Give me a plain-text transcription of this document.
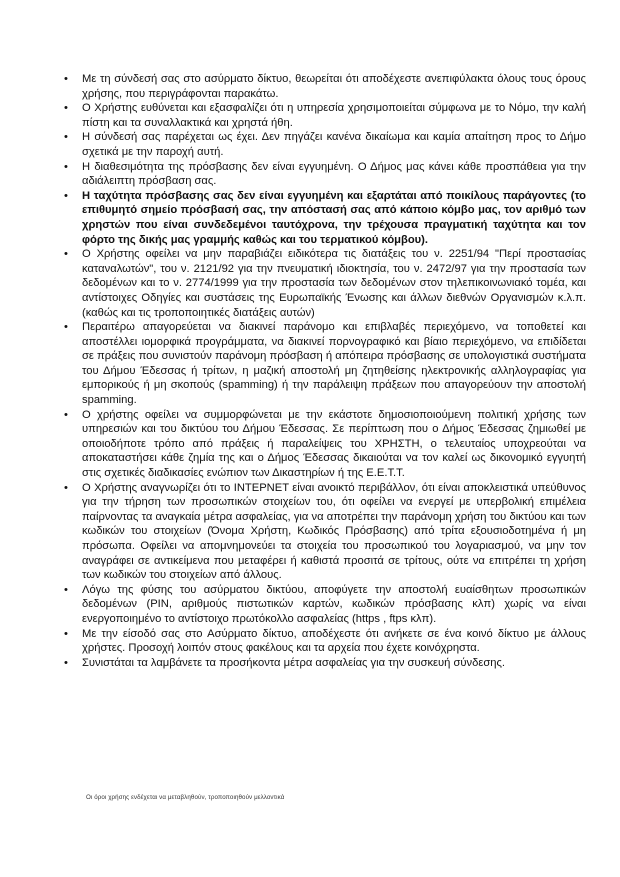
•	Με τη σύνδεσή σας στο ασύρματο δίκτυο, θεωρείται ότι αποδέχεστε ανεπιφύλακτα όλους τους όρους χρήσης, που περιγράφονται παρακάτω.
•	Ο Χρήστης ευθύνεται και εξασφαλίζει ότι η υπηρεσία χρησιμοποιείται σύμφωνα με το Νόμο, την καλή πίστη και τα συναλλακτικά και χρηστά ήθη.
•	Η σύνδεσή σας παρέχεται ως έχει. Δεν πηγάζει κανένα δικαίωμα και καμία απαίτηση προς το Δήμο σχετικά με την παροχή αυτή.
•	Η διαθεσιμότητα της πρόσβασης δεν είναι εγγυημένη. Ο Δήμος μας κάνει κάθε προσπάθεια για την αδιάλειπτη πρόσβαση σας.
•	Η ταχύτητα πρόσβασης σας δεν είναι εγγυημένη και εξαρτάται από ποικίλους παράγοντες (το επιθυμητό σημείο πρόσβασή σας, την απόστασή σας από κάποιο κόμβο μας, τον αριθμό των χρηστών που είναι συνδεδεμένοι ταυτόχρονα, την τρέχουσα πραγματική ταχύτητα και τον φόρτο της δικής μας γραμμής καθώς και του τερματικού κόμβου).
•	Ο Χρήστης οφείλει να μην παραβιάζει ειδικότερα τις διατάξεις του ν. 2251/94 "Περί προστασίας καταναλωτών", του ν. 2121/92 για την πνευματική ιδιοκτησία, του ν. 2472/97 για την προστασία των δεδομένων και το ν. 2774/1999 για την προστασία των δεδομένων στον τηλεπικοινωνιακό τομέα, και αντίστοιχες Οδηγίες και συστάσεις της Ευρωπαϊκής Ένωσης και άλλων διεθνών Οργανισμών κ.λ.π. (καθώς και τις τροποποιητικές διατάξεις αυτών)
•	Περαιτέρω απαγορεύεται να διακινεί παράνομο και επιβλαβές περιεχόμενο, να τοποθετεί και αποστέλλει ιομορφικά προγράμματα, να διακινεί πορνογραφικό και βίαιο περιεχόμενο, να επιδίδεται σε πράξεις που συνιστούν παράνομη πρόσβαση ή απόπειρα πρόσβασης σε υπολογιστικά συστήματα του Δήμου Έδεσσας ή τρίτων, η μαζική αποστολή μη ζητηθείσης ηλεκτρονικής αλληλογραφίας για εμπορικούς ή μη σκοπούς (spamming) ή την παράλειψη πράξεων που απαγορεύουν την αποστολή spamming.
•	Ο χρήστης οφείλει να συμμορφώνεται με την εκάστοτε δημοσιοποιούμενη πολιτική χρήσης των υπηρεσιών και του δικτύου του Δήμου Έδεσσας. Σε περίπτωση που ο Δήμος Έδεσσας ζημιωθεί με οποιοδήποτε τρόπο από πράξεις ή παραλείψεις του ΧΡΗΣΤΗ, ο τελευταίος υποχρεούται να αποκαταστήσει κάθε ζημία της και ο Δήμος Έδεσσας δικαιούται να τον καλεί ως δικονομικό εγγυητή στις σχετικές διαδικασίες ενώπιον των Δικαστηρίων ή της Ε.Ε.Τ.Τ.
•	Ο Χρήστης αναγνωρίζει ότι το ΙΝΤΕΡΝΕΤ είναι ανοικτό περιβάλλον, ότι είναι αποκλειστικά υπεύθυνος για την τήρηση των προσωπικών στοιχείων του, ότι οφείλει να ενεργεί με υπερβολική επιμέλεια παίρνοντας τα αναγκαία μέτρα ασφαλείας, για να αποτρέπει την παράνομη χρήση του δικτύου και των κωδικών του στοιχείων (Όνομα Χρήστη, Κωδικός Πρόσβασης) από τρίτα εξουσιοδοτημένα ή μη πρόσωπα. Οφείλει να απομνημονεύει τα στοιχεία του προσωπικού του λογαριασμού, να μην τον αναγράφει σε αντικείμενα που μεταφέρει ή καθιστά προσιτά σε τρίτους, ούτε να επιτρέπει τη χρήση των κωδικών του στοιχείων από άλλους.
•	Λόγω της φύσης του ασύρματου δικτύου, αποφύγετε την αποστολή ευαίσθητων προσωπικών δεδομένων (PIN, αριθμούς πιστωτικών καρτών, κωδικών πρόσβασης κλπ) χωρίς να είναι ενεργοποιημένο το αντίστοιχο πρωτόκολλο ασφαλείας (https , ftps κλπ).
•	Με την είσοδό σας στο Ασύρματο δίκτυο, αποδέχεστε ότι ανήκετε σε ένα κοινό δίκτυο με άλλους χρήστες. Προσοχή λοιπόν στους φακέλους και τα αρχεία που έχετε κοινόχρηστα.
•	Συνιστάται τα λαμβάνετε τα προσήκοντα μέτρα ασφαλείας για την συσκευή σύνδεσης.
Οι όροι χρήσης ενδέχεται να μεταβληθούν, τροποποιηθούν μελλοντικά
